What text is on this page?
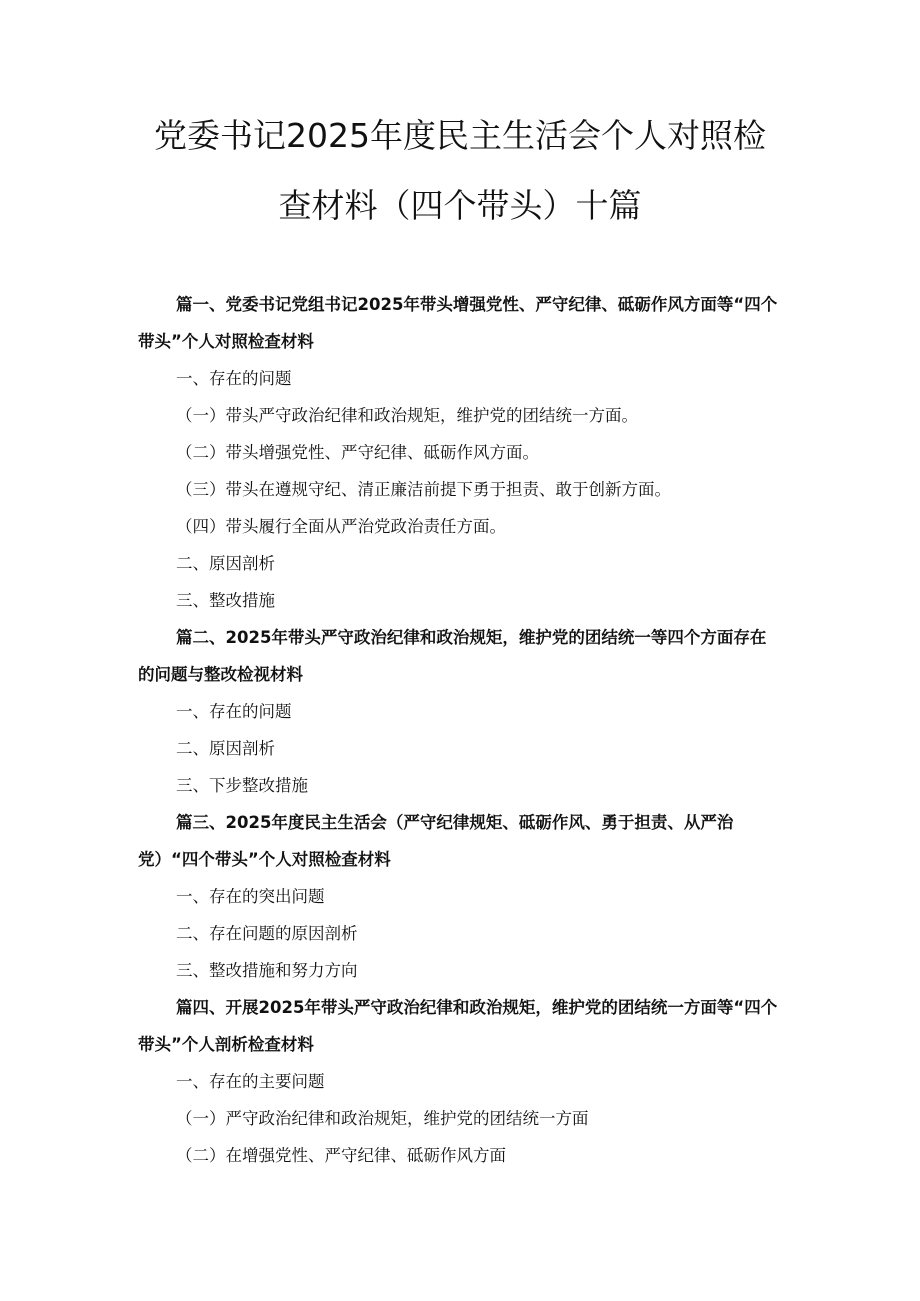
党委书记2025年度民主生活会个人对照检
查材料（四个带头）十篇

篇一、党委书记党组书记2025年带头增强党性、严守纪律、砥砺作风方面等“四个带头”个人对照检查材料

一、存在的问题

（一）带头严守政治纪律和政治规矩，维护党的团结统一方面。

（二）带头增强党性、严守纪律、砥砺作风方面。

（三）带头在遵规守纪、清正廉洁前提下勇于担责、敢于创新方面。

（四）带头履行全面从严治党政治责任方面。

二、原因剖析

三、整改措施

篇二、2025年带头严守政治纪律和政治规矩，维护党的团结统一等四个方面存在的问题与整改检视材料

一、存在的问题

二、原因剖析

三、下步整改措施

篇三、2025年度民主生活会（严守纪律规矩、砥砺作风、勇于担责、从严治党）“四个带头”个人对照检查材料

一、存在的突出问题

二、存在问题的原因剖析

三、整改措施和努力方向

篇四、开展2025年带头严守政治纪律和政治规矩，维护党的团结统一方面等“四个带头”个人剖析检查材料

一、存在的主要问题

（一）严守政治纪律和政治规矩，维护党的团结统一方面

（二）在增强党性、严守纪律、砥砺作风方面
